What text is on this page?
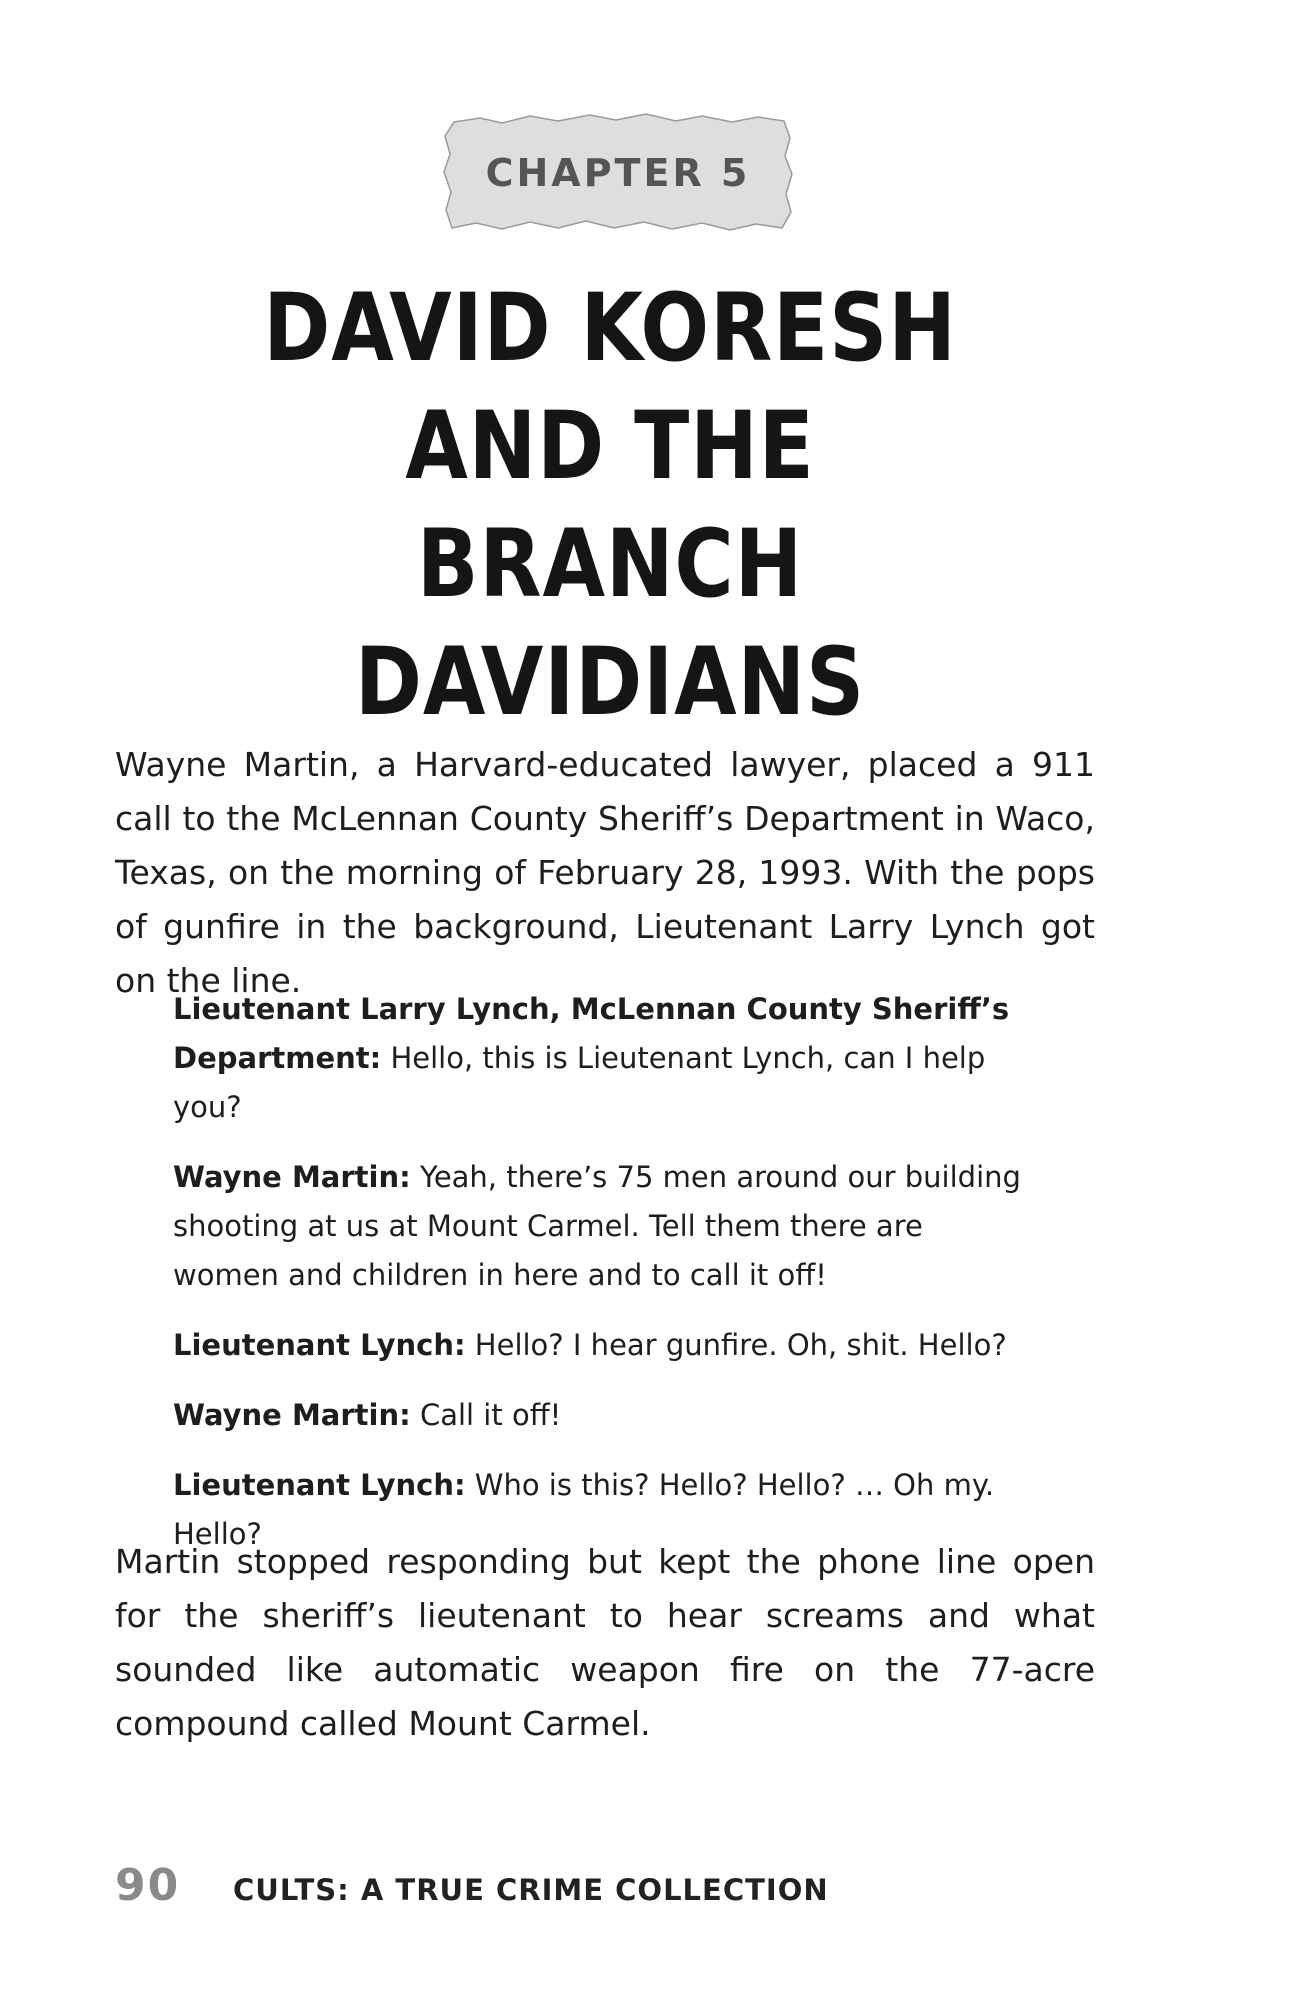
CHAPTER 5
DAVID KORESH
AND THE BRANCH
DAVIDIANS

Wayne Martin, a Harvard-educated lawyer, placed a 911 call to the McLennan County Sheriff’s Department in Waco, Texas, on the morning of February 28, 1993. With the pops of gunfire in the background, Lieutenant Larry Lynch got on the line.

Lieutenant Larry Lynch, McLennan County Sheriff’s Department: Hello, this is Lieutenant Lynch, can I help you?

Wayne Martin: Yeah, there’s 75 men around our building shooting at us at Mount Carmel. Tell them there are women and children in here and to call it off!

Lieutenant Lynch: Hello? I hear gunfire. Oh, shit. Hello?

Wayne Martin: Call it off!

Lieutenant Lynch: Who is this? Hello? Hello? … Oh my. Hello?

Martin stopped responding but kept the phone line open for the sheriff’s lieutenant to hear screams and what sounded like automatic weapon fire on the 77-acre compound called Mount Carmel.

90 CULTS: A TRUE CRIME COLLECTION
